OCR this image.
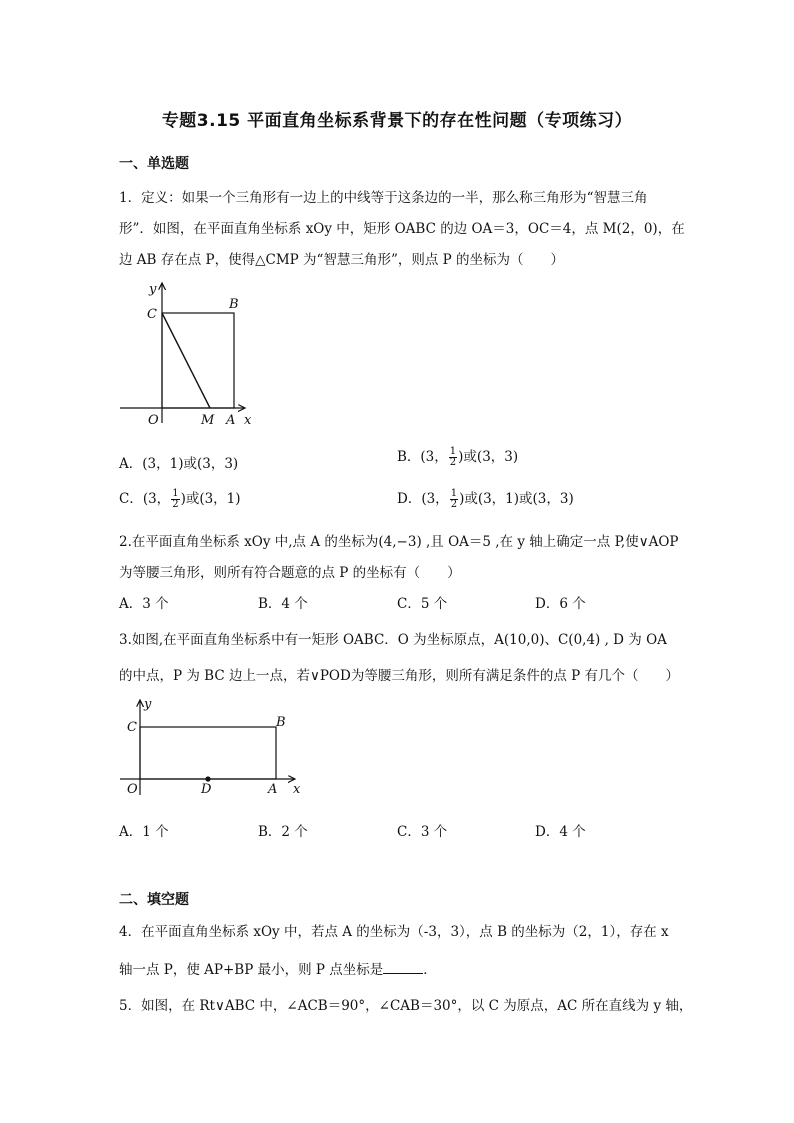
专题3.15 平面直角坐标系背景下的存在性问题（专项练习）
一、单选题
1．定义：如果一个三角形有一边上的中线等于这条边的一半，那么称三角形为“智慧三角
形”．如图，在平面直角坐标系 xOy 中，矩形 OABC 的边 OA＝3，OC＝4，点 M(2，0)，在
边 AB 存在点 P，使得△CMP 为“智慧三角形”，则点 P 的坐标为（　　）
y
C
B
O	M A x
A．(3，1)或(3，3)	B．(3， $\frac{1}{2}$ )或(3，3)
C．(3， $\frac{1}{2}$ )或(3，1)	D．(3， $\frac{1}{2}$ )或(3，1)或(3，3)
2.在平面直角坐标系 xOy 中,点 A 的坐标为(4,−3) ,且 OA＝5 ,在 y 轴上确定一点 P,使∨AOP
为等腰三角形，则所有符合题意的点 P 的坐标有（　　）
A．3 个	B．4 个	C．5 个	D．6 个
3.如图,在平面直角坐标系中有一矩形 OABC．O 为坐标原点，A(10,0)、C(0,4) , D 为 OA
的中点，P 为 BC 边上一点，若∨POD为等腰三角形，则所有满足条件的点 P 有几个（　　）
y
C	B
O	D	A x
A．1 个	B．2 个	C．3 个	D．4 个
二、填空题
4．在平面直角坐标系 xOy 中，若点 A 的坐标为（-3，3），点 B 的坐标为（2，1），存在 x
轴一点 P，使 AP+BP 最小，则 P 点坐标是	．
5．如图，在 Rt∨ABC 中，∠ACB＝90°，∠CAB＝30°，以 C 为原点，AC 所在直线为 y 轴，
